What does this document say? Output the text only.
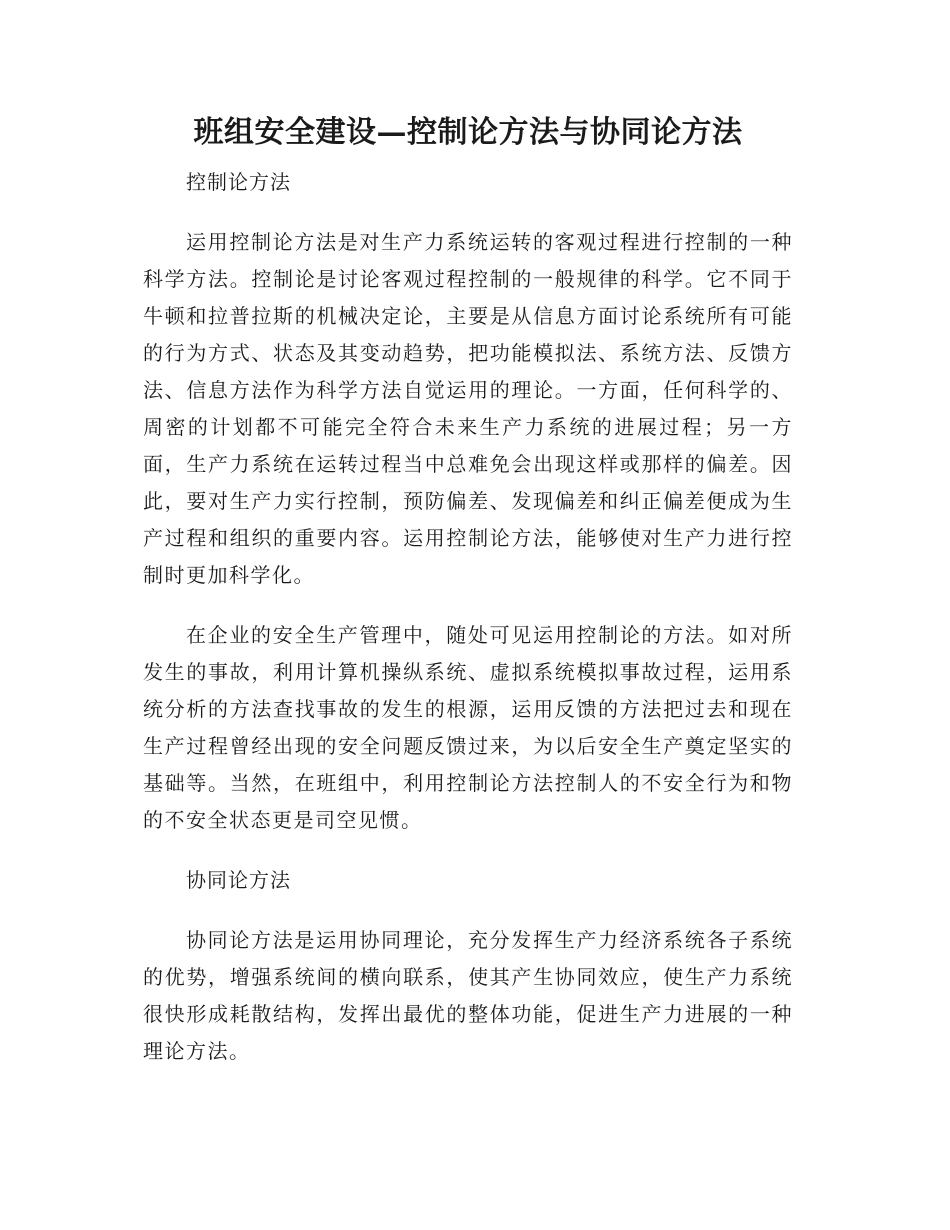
班组安全建设—控制论方法与协同论方法
控制论方法

运用控制论方法是对生产力系统运转的客观过程进行控制的一种科学方法。控制论是讨论客观过程控制的一般规律的科学。它不同于牛顿和拉普拉斯的机械决定论，主要是从信息方面讨论系统所有可能的行为方式、状态及其变动趋势，把功能模拟法、系统方法、反馈方法、信息方法作为科学方法自觉运用的理论。一方面，任何科学的、周密的计划都不可能完全符合未来生产力系统的进展过程；另一方面，生产力系统在运转过程当中总难免会出现这样或那样的偏差。因此，要对生产力实行控制，预防偏差、发现偏差和纠正偏差便成为生产过程和组织的重要内容。运用控制论方法，能够使对生产力进行控制时更加科学化。

在企业的安全生产管理中，随处可见运用控制论的方法。如对所发生的事故，利用计算机操纵系统、虚拟系统模拟事故过程，运用系统分析的方法查找事故的发生的根源，运用反馈的方法把过去和现在生产过程曾经出现的安全问题反馈过来，为以后安全生产奠定坚实的基础等。当然，在班组中，利用控制论方法控制人的不安全行为和物的不安全状态更是司空见惯。

协同论方法

协同论方法是运用协同理论，充分发挥生产力经济系统各子系统的优势，增强系统间的横向联系，使其产生协同效应，使生产力系统很快形成耗散结构，发挥出最优的整体功能，促进生产力进展的一种理论方法。
